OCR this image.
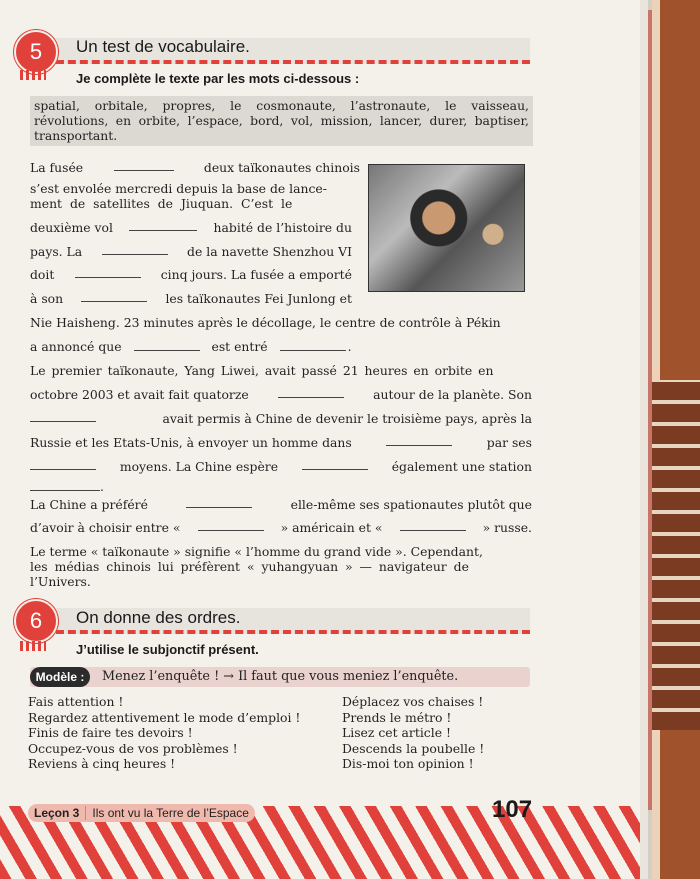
5	Un test de vocabulaire.
Je complète le texte par les mots ci-dessous :
spatial, orbitale, propres, le cosmonaute, l’astronaute, le vaisseau, révolutions, en orbite, l’espace, bord, vol, mission, lancer, durer, baptiser, transportant.
La fusée	deux taïkonautes chinois
s’est envolée mercredi depuis la base de lance-
ment de satellites de Jiuquan. C’est le
deuxième vol	habité de l’histoire du
pays. La	de la navette Shenzhou VI
doit	cinq jours. La fusée a emporté
à son	les taïkonautes Fei Junlong et
Nie Haisheng. 23 minutes après le décollage, le centre de contrôle à Pékin
a annoncé que	est entré	.
Le premier taïkonaute, Yang Liwei, avait passé 21 heures en orbite en
octobre 2003 et avait fait quatorze	autour de la planète. Son
avait permis à Chine de devenir le troisième pays, après la
Russie et les Etats-Unis, à envoyer un homme dans	par ses
moyens. La Chine espère	également une station
.
La Chine a préféré	elle-même ses spationautes plutôt que
d’avoir à choisir entre «	» américain et «	» russe.
Le terme « taïkonaute » signifie « l’homme du grand vide ». Cependant,
les médias chinois lui préfèrent « yuhangyuan » — navigateur de
l’Univers.
6	On donne des ordres.
J’utilise le subjonctif présent.
Modèle :	Menez l’enquête ! → Il faut que vous meniez l’enquête.
Fais attention !
Regardez attentivement le mode d’emploi !
Finis de faire tes devoirs !
Occupez-vous de vos problèmes !
Reviens à cinq heures !
Déplacez vos chaises !
Prends le métro !
Lisez cet article !
Descends la poubelle !
Dis-moi ton opinion !
Leçon 3	Ils ont vu la Terre de l’Espace	107
